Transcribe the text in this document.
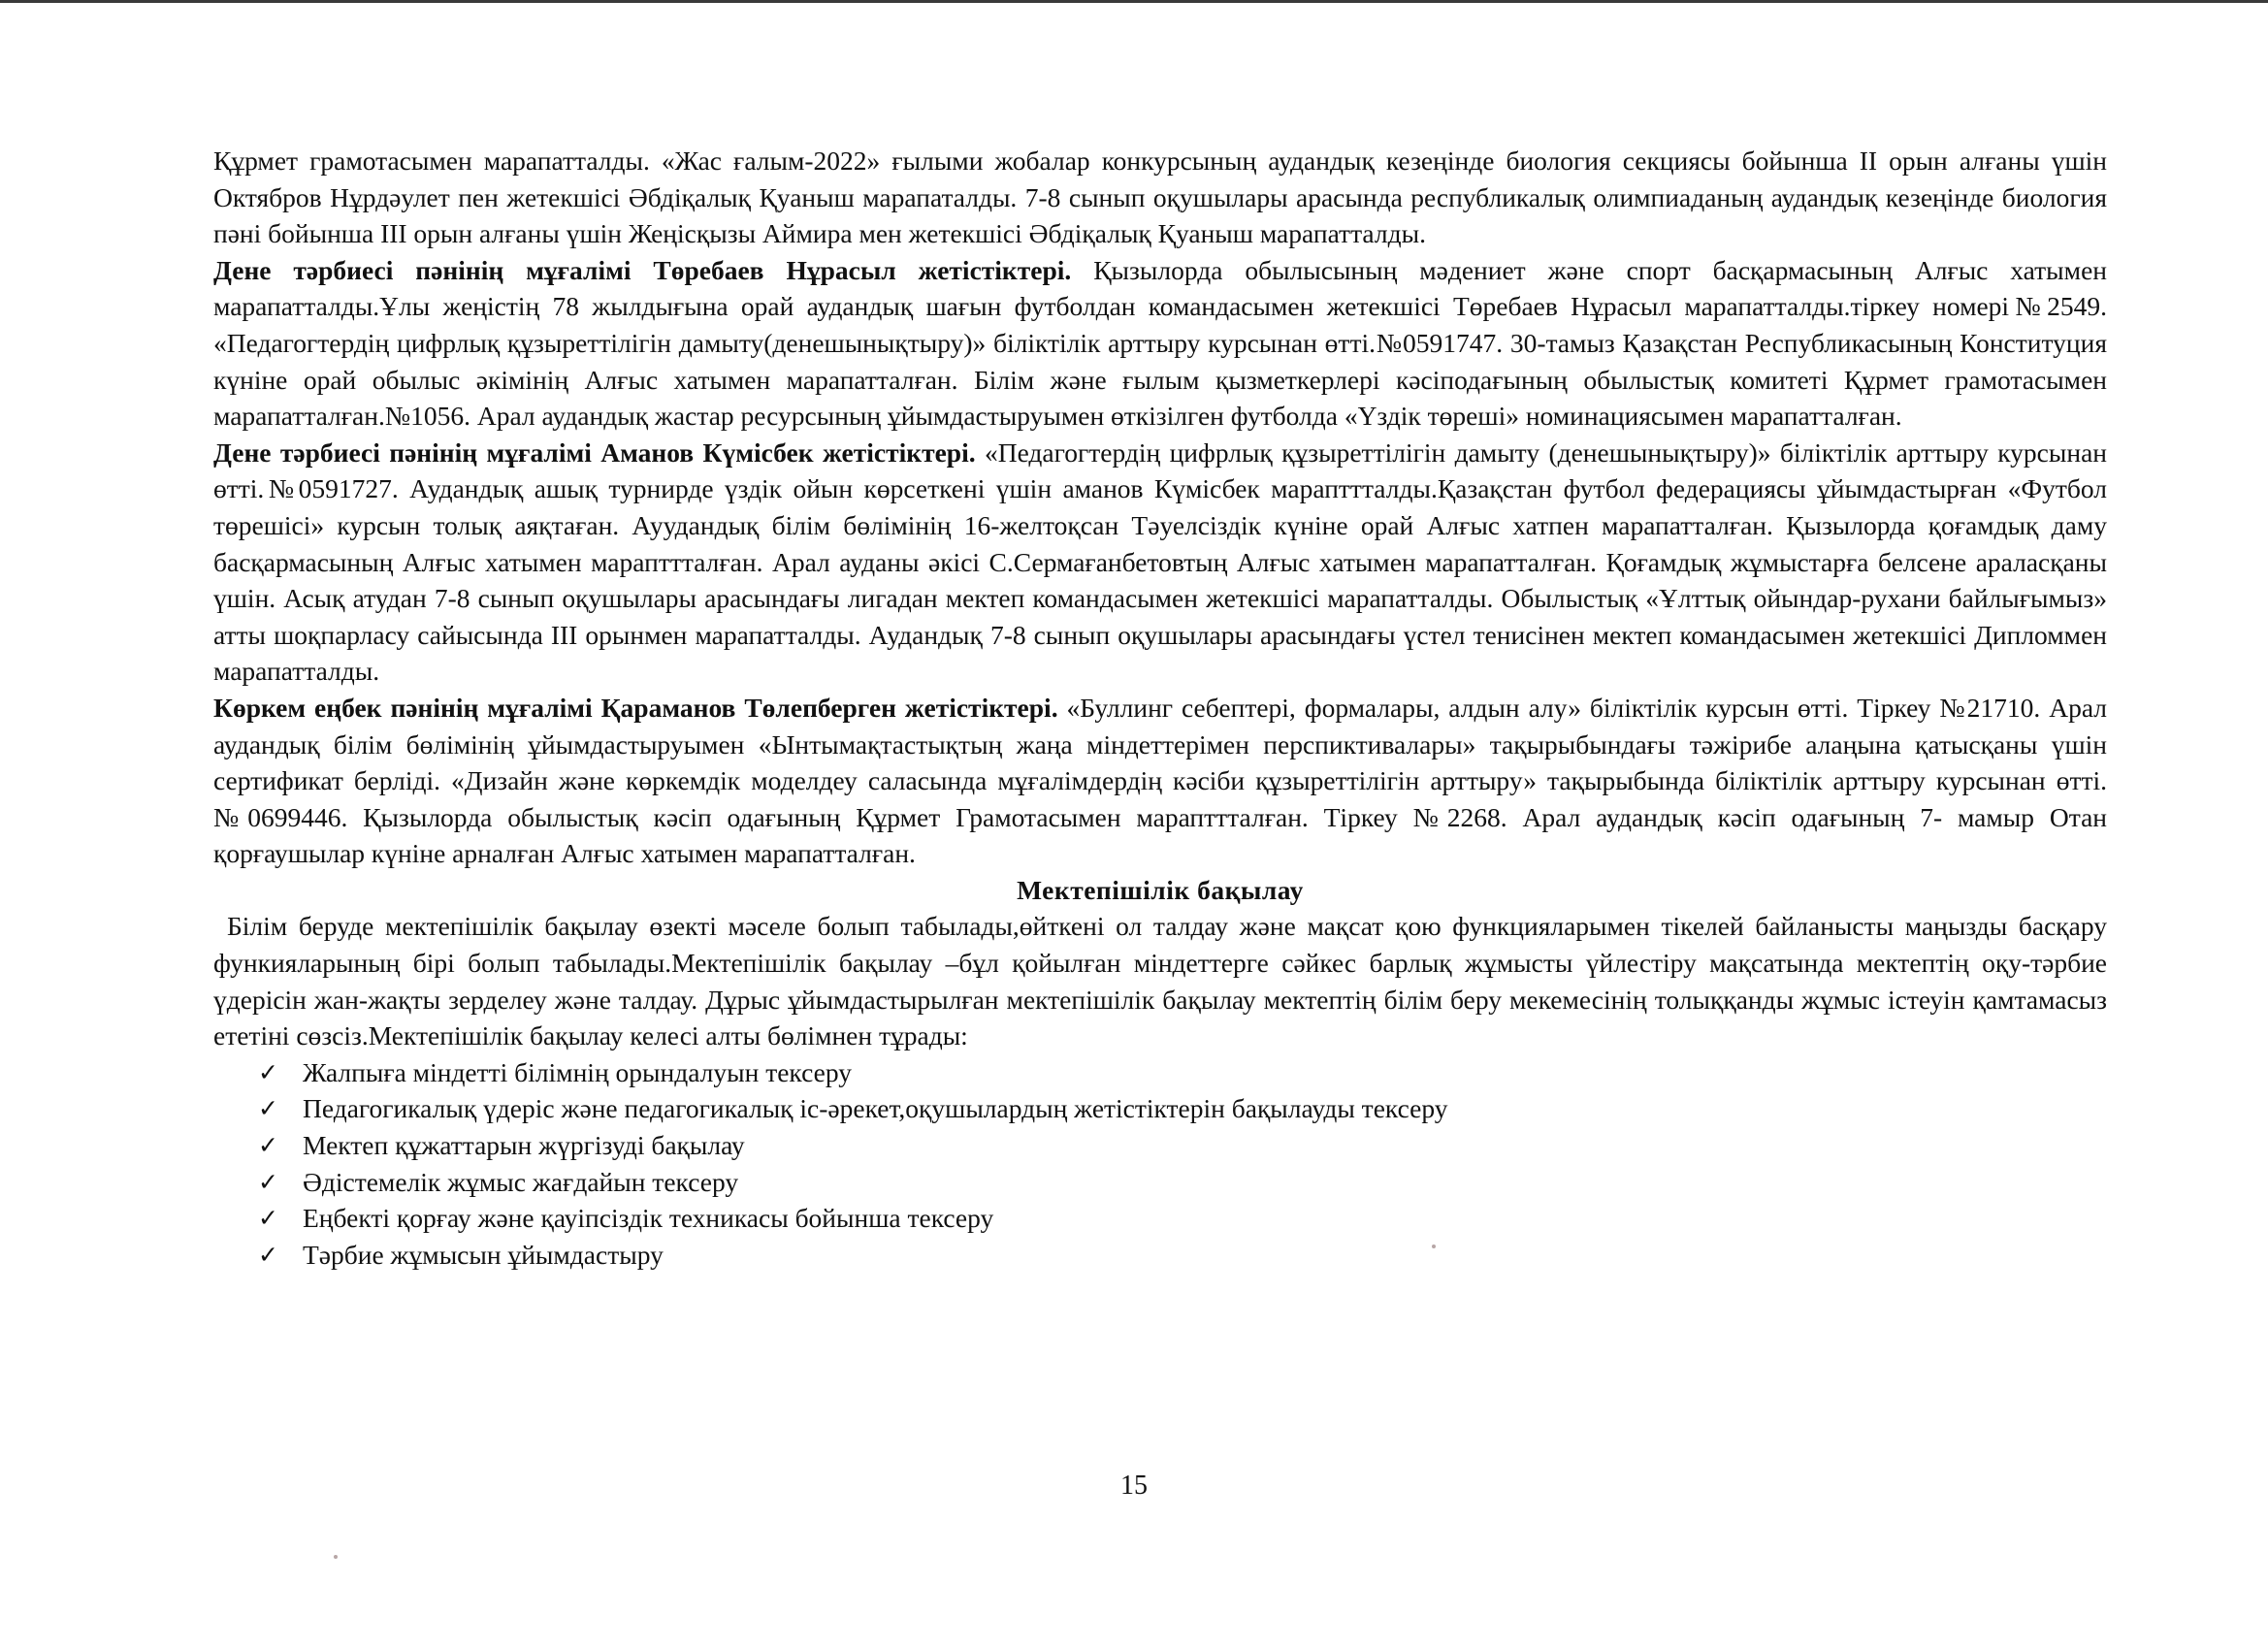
Құрмет грамотасымен марапатталды. «Жас ғалым-2022» ғылыми жобалар конкурсының аудандық кезеңінде биология секциясы бойынша II орын алғаны үшін Октябров Нұрдәулет пен жетекшісі Әбдіқалық Қуаныш марапаталды. 7-8 сынып оқушылары арасында республикалық олимпиаданың аудандық кезеңінде биология пәні бойынша III орын алғаны үшін Жеңісқызы Аймира мен жетекшісі Әбдіқалық Қуаныш марапатталды.

Дене тәрбиесі пәнінің мұғалімі Төребаев Нұрасыл жетістіктері. Қызылорда обылысының мәдениет және спорт басқармасының Алғыс хатымен марапатталды.Ұлы жеңістің 78 жылдығына орай аудандық шағын футболдан командасымен жетекшісі Төребаев Нұрасыл марапатталды.тіркеу номері№2549. «Педагогтердің цифрлық құзыреттілігін дамыту(денешынықтыру)» біліктілік арттыру курсынан өтті.№0591747. 30-тамыз Қазақстан Республикасының Конституция күніне орай обылыс әкімінің Алғыс хатымен марапатталған. Білім және ғылым қызметкерлері кәсіподағының обылыстық комитеті Құрмет грамотасымен марапатталған.№1056. Арал аудандық жастар ресурсының ұйымдастыруымен өткізілген футболда «Үздік төреші» номинациясымен марапатталған.

Дене тәрбиесі пәнінің мұғалімі Аманов Күмісбек жетістіктері. «Педагогтердің цифрлық құзыреттілігін дамыту (денешынықтыру)» біліктілік арттыру курсынан өтті.№0591727. Аудандық ашық турнирде үздік ойын көрсеткені үшін аманов Күмісбек марапттталды.Қазақстан футбол федерациясы ұйымдастырған «Футбол төрешісі» курсын толық аяқтаған. Ауудандық білім бөлімінің 16-желтоқсан Тәуелсіздік күніне орай Алғыс хатпен марапатталған. Қызылорда қоғамдық даму басқармасының Алғыс хатымен марапттталған. Арал ауданы әкісі С.Сермағанбетовтың Алғыс хатымен марапатталған. Қоғамдық жұмыстарға белсене араласқаны үшін. Асық атудан 7-8 сынып оқушылары арасындағы лигадан мектеп командасымен жетекшісі марапатталды. Обылыстық «Ұлттық ойындар-рухани байлығымыз» атты шоқпарласу сайысында III орынмен марапатталды. Аудандық 7-8 сынып оқушылары арасындағы үстел тенисінен мектеп командасымен жетекшісі Дипломмен марапатталды.

Көркем еңбек пәнінің мұғалімі Қараманов Төлепберген жетістіктері. «Буллинг себептері, формалары, алдын алу» біліктілік курсын өтті. Тіркеу №21710. Арал аудандық білім бөлімінің ұйымдастыруымен «Ынтымақтастықтың жаңа міндеттерімен перспиктивалары» тақырыбындағы тәжірибе алаңына қатысқаны үшін сертификат берліді. «Дизайн және көркемдік моделдеу саласында мұғалімдердің кәсіби құзыреттілігін арттыру» тақырыбында біліктілік арттыру курсынан өтті.№0699446. Қызылорда обылыстық кәсіп одағының Құрмет Грамотасымен марапттталған. Тіркеу №2268. Арал аудандық кәсіп одағының 7- мамыр Отан қорғаушылар күніне арналған Алғыс хатымен марапатталған.

Мектепішілік бақылау

Білім беруде мектепішілік бақылау өзекті мәселе болып табылады,өйткені ол талдау және мақсат қою функцияларымен тікелей байланысты маңызды басқару функияларының бірі болып табылады.Мектепішілік бақылау –бұл қойылған міндеттерге сәйкес барлық жұмысты үйлестіру мақсатында мектептің оқу-тәрбие үдерісін жан-жақты зерделеу және талдау. Дұрыс ұйымдастырылған мектепішілік бақылау мектептің білім беру мекемесінің толыққанды жұмыс істеуін қамтамасыз ететіні сөзсіз.Мектепішілік бақылау келесі алты бөлімнен тұрады:

✓ Жалпыға міндетті білімнің орындалуын тексеру
✓ Педагогикалық үдеріс және педагогикалық іс-әрекет,оқушылардың жетістіктерін бақылауды тексеру
✓ Мектеп құжаттарын жүргізуді бақылау
✓ Әдістемелік жұмыс жағдайын тексеру
✓ Еңбекті қорғау және қауіпсіздік техникасы бойынша тексеру
✓ Тәрбие жұмысын ұйымдастыру
15
